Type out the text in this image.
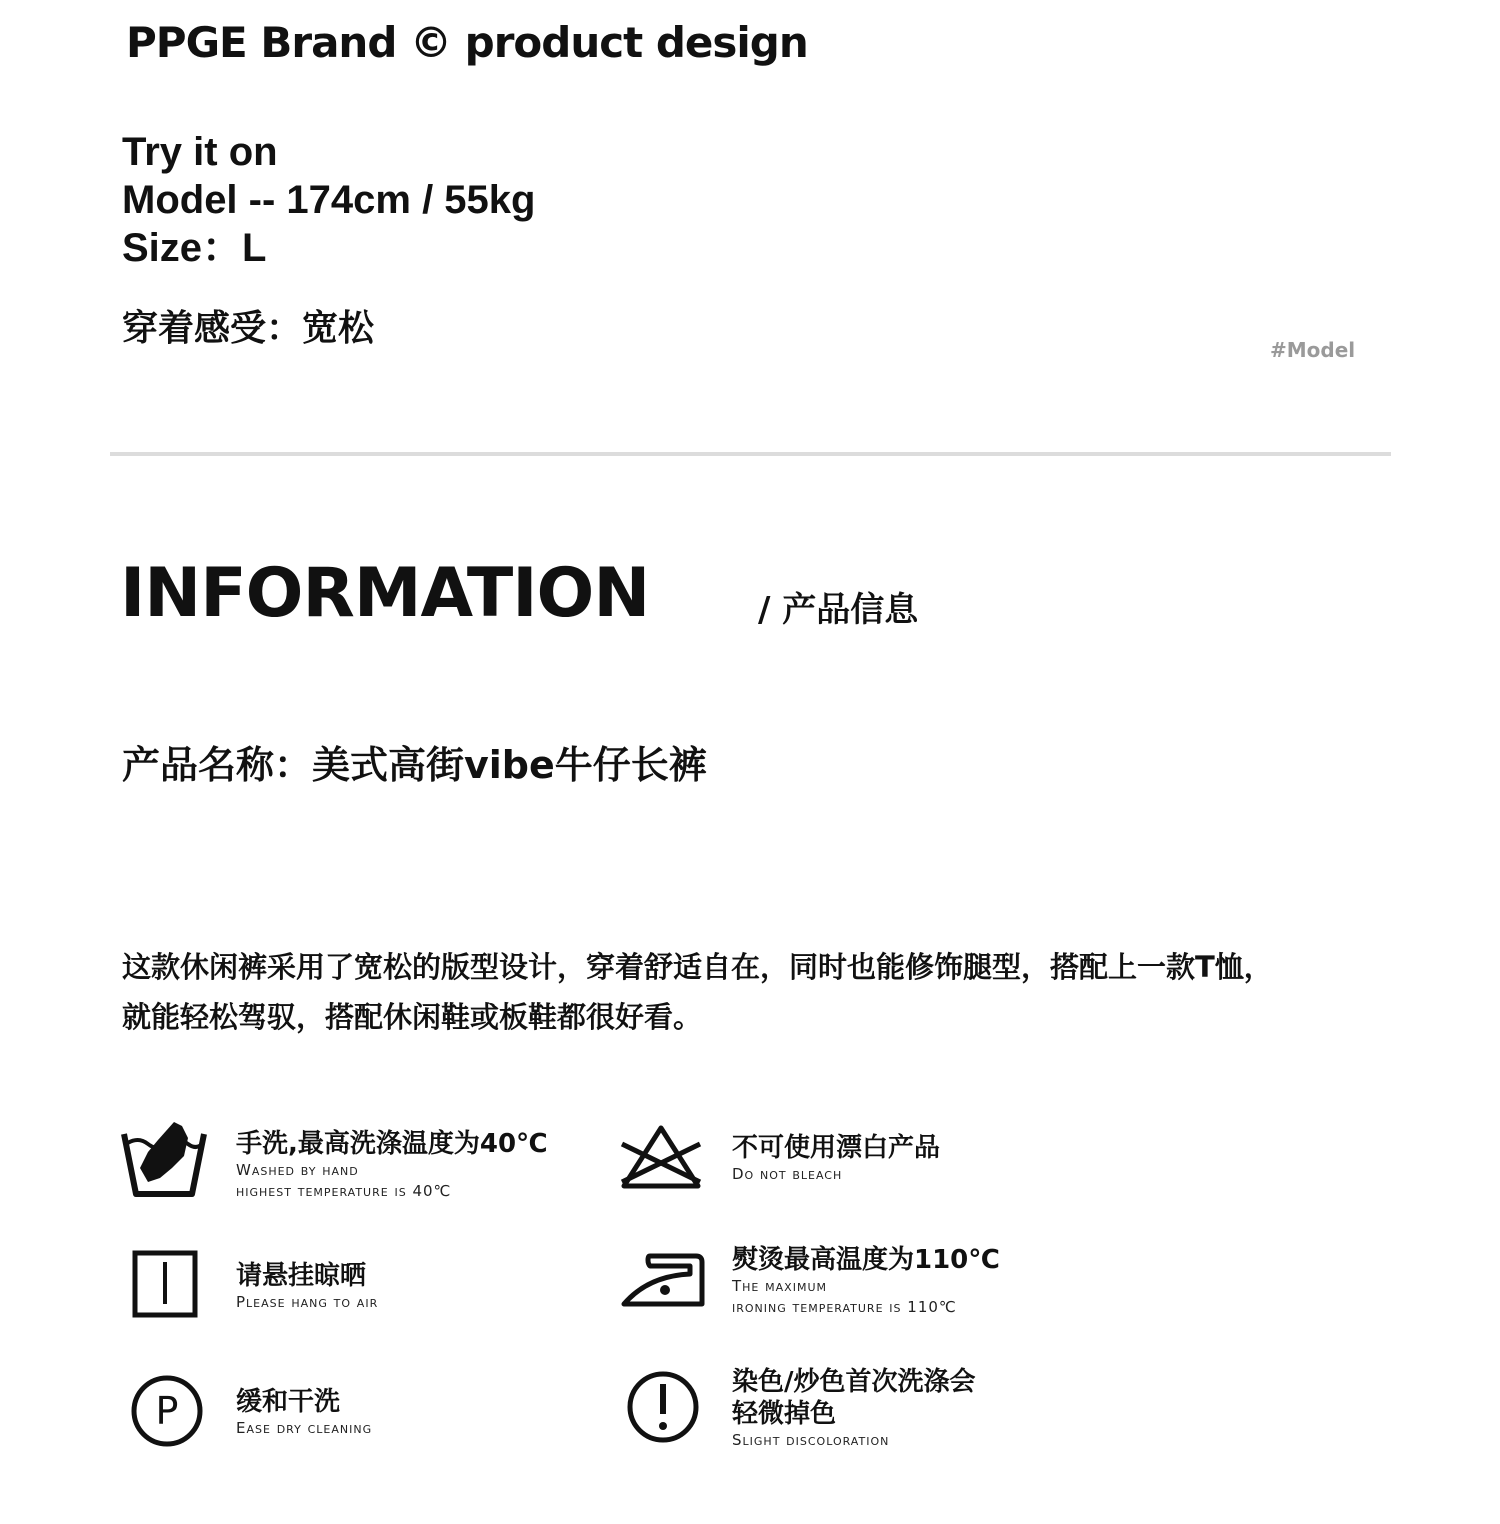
PPGE Brand © product design
Try it on
Model -- 174cm / 55kg
Size：L
穿着感受：宽松
#Model
INFORMATION	/ 产品信息
产品名称：美式高街vibe牛仔长裤
这款休闲裤采用了宽松的版型设计，穿着舒适自在，同时也能修饰腿型，搭配上一款T恤，
就能轻松驾驭，搭配休闲鞋或板鞋都很好看。
手洗,最高洗涤温度为40℃
Washed by hand
highest temperature is 40℃
不可使用漂白产品
Do not bleach
请悬挂晾晒
Please hang to air
熨烫最高温度为110℃
The maximum
ironing temperature is 110℃
P 缓和干洗
Ease dry cleaning
染色/炒色首次洗涤会
轻微掉色
Slight discoloration
